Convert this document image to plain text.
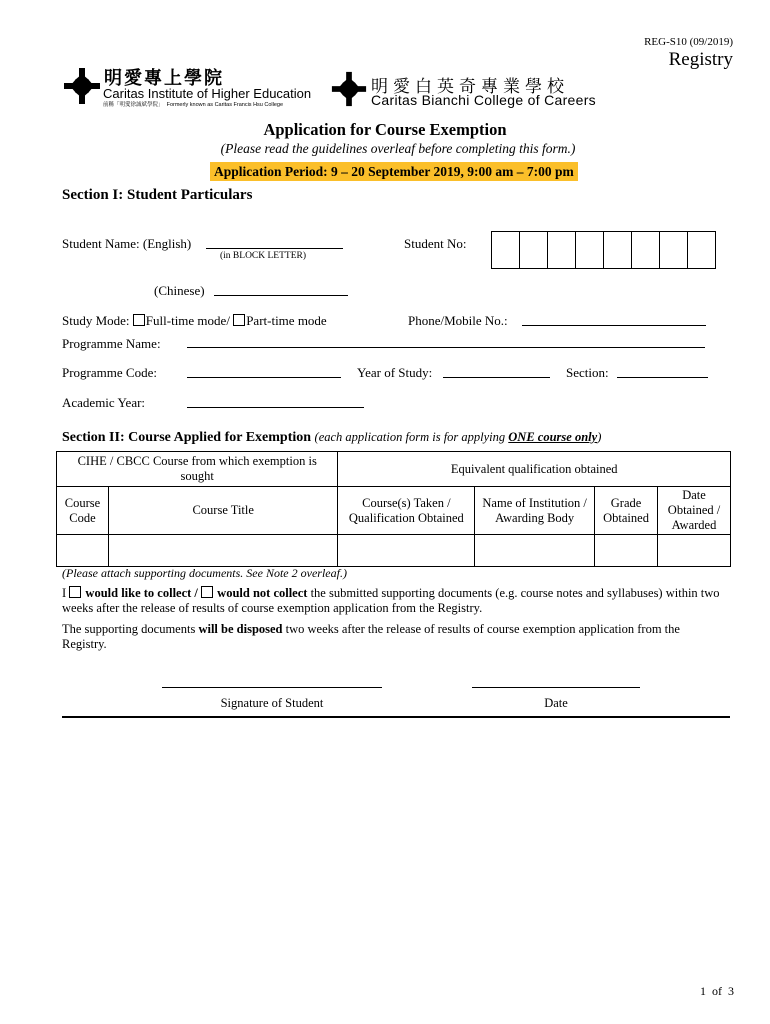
REG-S10 (09/2019)
Registry
明愛專上學院
Caritas Institute of Higher Education
前稱「明愛徐誠斌學院」 Formerly known as Caritas Francis Hsu College
明愛白英奇專業學校
Caritas Bianchi College of Careers
Application for Course Exemption
(Please read the guidelines overleaf before completing this form.)
Application Period: 9 – 20 September 2019, 9:00 am – 7:00 pm
Section I: Student Particulars
Student Name: (English)
(in BLOCK LETTER)
Student No:
(Chinese)
Study Mode: Full-time mode/ Part-time mode	Phone/Mobile No.:
Programme Name:
Programme Code:	Year of Study:	Section:
Academic Year:
Section II: Course Applied for Exemption (each application form is for applying ONE course only)
CIHE / CBCC Course from which exemption is sought		Equivalent qualification obtained			
Course Code	Course Title	Course(s) Taken / Qualification Obtained	Name of Institution / Awarding Body	Grade Obtained	Date Obtained / Awarded

(Please attach supporting documents. See Note 2 overleaf.)
I would like to collect / would not collect the submitted supporting documents (e.g. course notes and syllabuses) within two weeks after the release of results of course exemption application from the Registry.
The supporting documents will be disposed two weeks after the release of results of course exemption application from the Registry.
Signature of Student	Date
1 of 3
